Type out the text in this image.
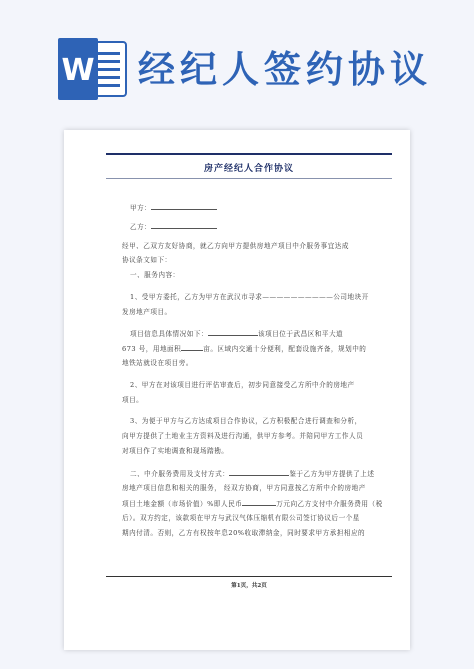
W 经纪人签约协议
房产经纪人合作协议
甲方：
乙方：
经甲、乙双方友好协商，就乙方向甲方提供房地产项目中介服务事宜达成
协议条文如下：
一、服务内容：
1、受甲方委托，乙方为甲方在武汉市寻求——————————公司地块开
发房地产项目。
项目信息具体情况如下：	该项目位于武昌区和平大道
673 号，用地面积	亩。区域内交通十分便利，配套设施齐备，规划中的
地铁站就设在项目旁。
2、甲方在对该项目进行评估审查后，初步同意接受乙方所中介的房地产
项目。
3、为便于甲方与乙方达成项目合作协议，乙方积极配合进行调查和分析，
向甲方提供了土地业主方资料及进行沟通，供甲方参考。并陪同甲方工作人员
对项目作了实地调查和现场踏勘。
二、中介服务费用及支付方式：	鉴于乙方为甲方提供了上述
房地产项目信息和相关的服务， 经双方协商，甲方同意按乙方所中介的房地产
项目土地金额（市场价值）%即人民币	万元向乙方支付中介服务费用（税
后）。双方约定，该款项在甲方与武汉气体压缩机有限公司签订协议后一个星
期内付清。否则，乙方有权按年息20%收取滞纳金，同时要求甲方承担相应的
第1页，共2页
